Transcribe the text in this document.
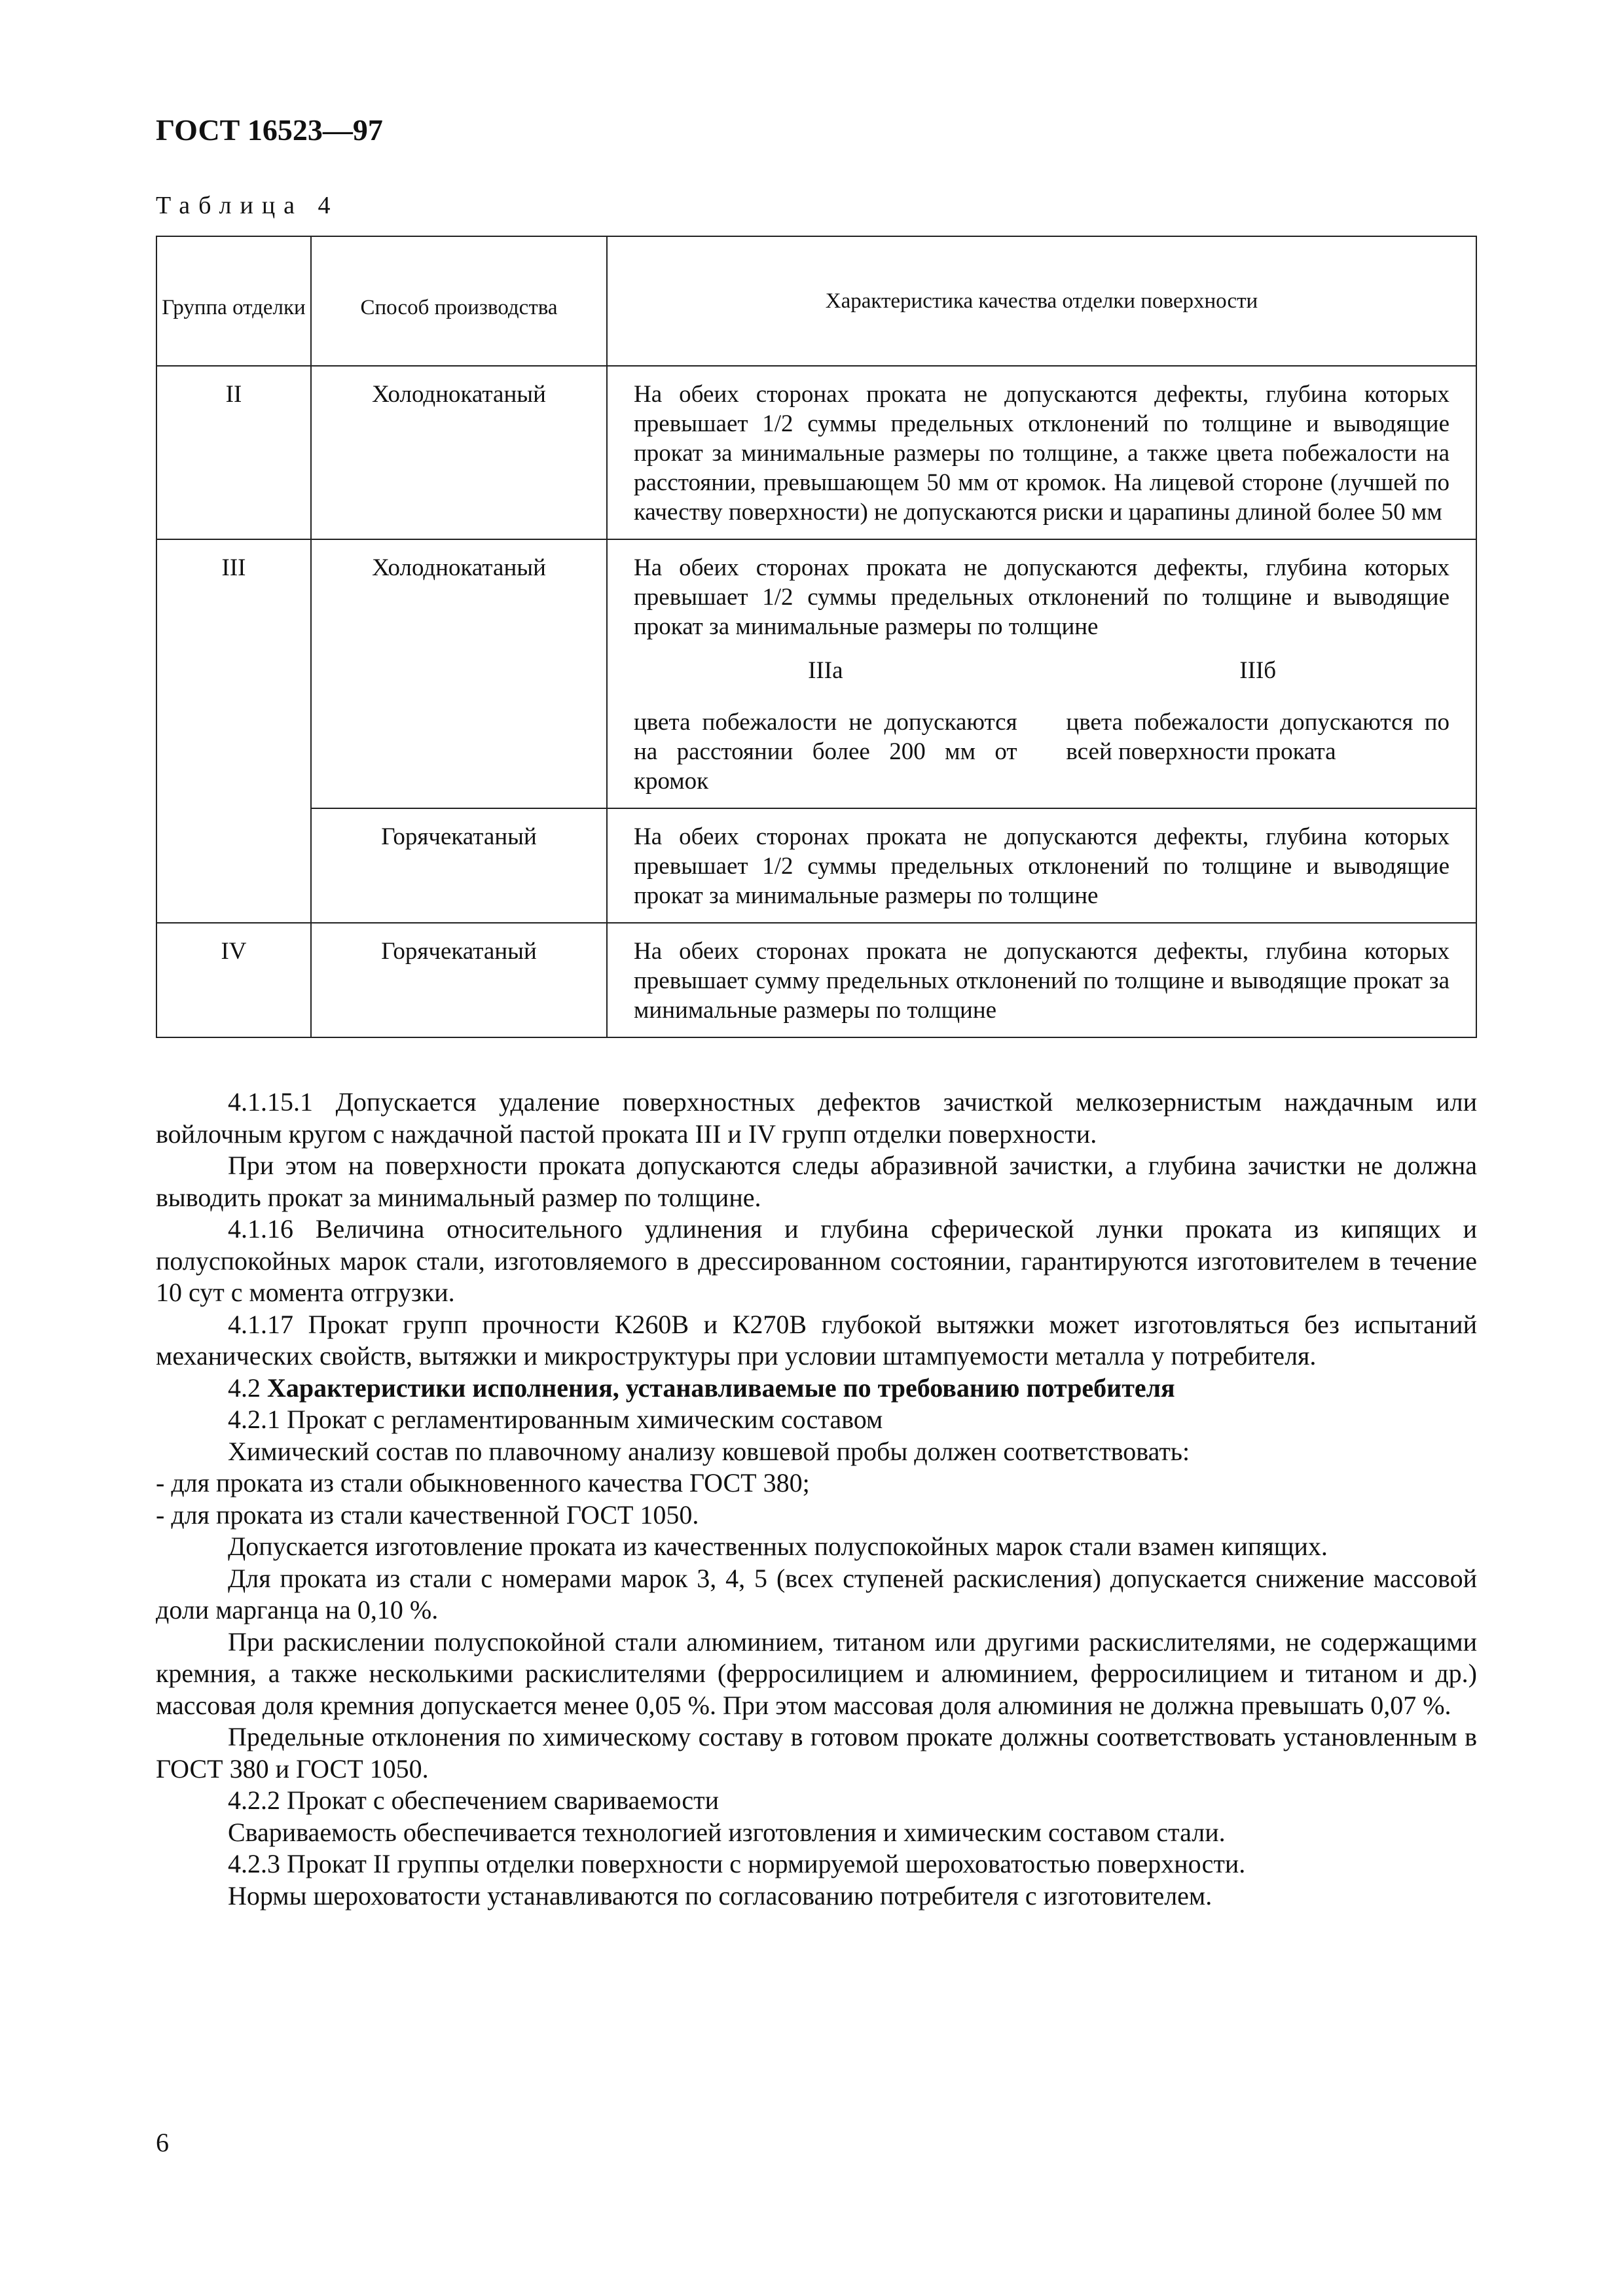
ГОСТ 16523—97
Таблица 4
Группа отделки	Способ производства	Характеристика качества отделки поверхности
II	Холоднокатаный	На обеих сторонах проката не допускаются дефекты, глубина которых превышает 1/2 суммы предельных отклонений по толщине и выводящие прокат за минимальные размеры по толщине, а также цвета побежалости на расстоянии, превышающем 50 мм от кромок. На лицевой стороне (лучшей по качеству поверхности) не допускаются риски и царапины длиной более 50 мм
III	Холоднокатаный	На обеих сторонах проката не допускаются дефекты, глубина которых превышает 1/2 суммы предельных отклонений по толщине и выводящие прокат за минимальные размеры по толщине
IIIа
цвета побежалости не допускаются на расстоянии более 200 мм от кромок
IIIб
цвета побежалости допускаются по всей поверхности проката

	Горячекатаный	На обеих сторонах проката не допускаются дефекты, глубина которых превышает 1/2 суммы предельных отклонений по толщине и выводящие прокат за минимальные размеры по толщине
IV	Горячекатаный	На обеих сторонах проката не допускаются дефекты, глубина которых превышает сумму предельных отклонений по толщине и выводящие прокат за минимальные размеры по толщине

4.1.15.1 Допускается удаление поверхностных дефектов зачисткой мелкозернистым наждачным или войлочным кругом с наждачной пастой проката III и IV групп отделки поверхности.

При этом на поверхности проката допускаются следы абразивной зачистки, а глубина зачистки не должна выводить прокат за минимальный размер по толщине.

4.1.16 Величина относительного удлинения и глубина сферической лунки проката из кипящих и полуспокойных марок стали, изготовляемого в дрессированном состоянии, гарантируются изготовителем в течение 10 сут с момента отгрузки.

4.1.17 Прокат групп прочности К260В и К270В глубокой вытяжки может изготовляться без испытаний механических свойств, вытяжки и микроструктуры при условии штампуемости металла у потребителя.

4.2 Характеристики исполнения, устанавливаемые по требованию потребителя

4.2.1 Прокат с регламентированным химическим составом

Химический состав по плавочному анализу ковшевой пробы должен соответствовать:

- для проката из стали обыкновенного качества ГОСТ 380;

- для проката из стали качественной ГОСТ 1050.

Допускается изготовление проката из качественных полуспокойных марок стали взамен кипящих.

Для проката из стали с номерами марок 3, 4, 5 (всех ступеней раскисления) допускается снижение массовой доли марганца на 0,10 %.

При раскислении полуспокойной стали алюминием, титаном или другими раскислителями, не содержащими кремния, а также несколькими раскислителями (ферросилицием и алюминием, ферросилицием и титаном и др.) массовая доля кремния допускается менее 0,05 %. При этом массовая доля алюминия не должна превышать 0,07 %.

Предельные отклонения по химическому составу в готовом прокате должны соответствовать установленным в ГОСТ 380 и ГОСТ 1050.

4.2.2 Прокат с обеспечением свариваемости

Свариваемость обеспечивается технологией изготовления и химическим составом стали.

4.2.3 Прокат II группы отделки поверхности с нормируемой шероховатостью поверхности.

Нормы шероховатости устанавливаются по согласованию потребителя с изготовителем.

6
